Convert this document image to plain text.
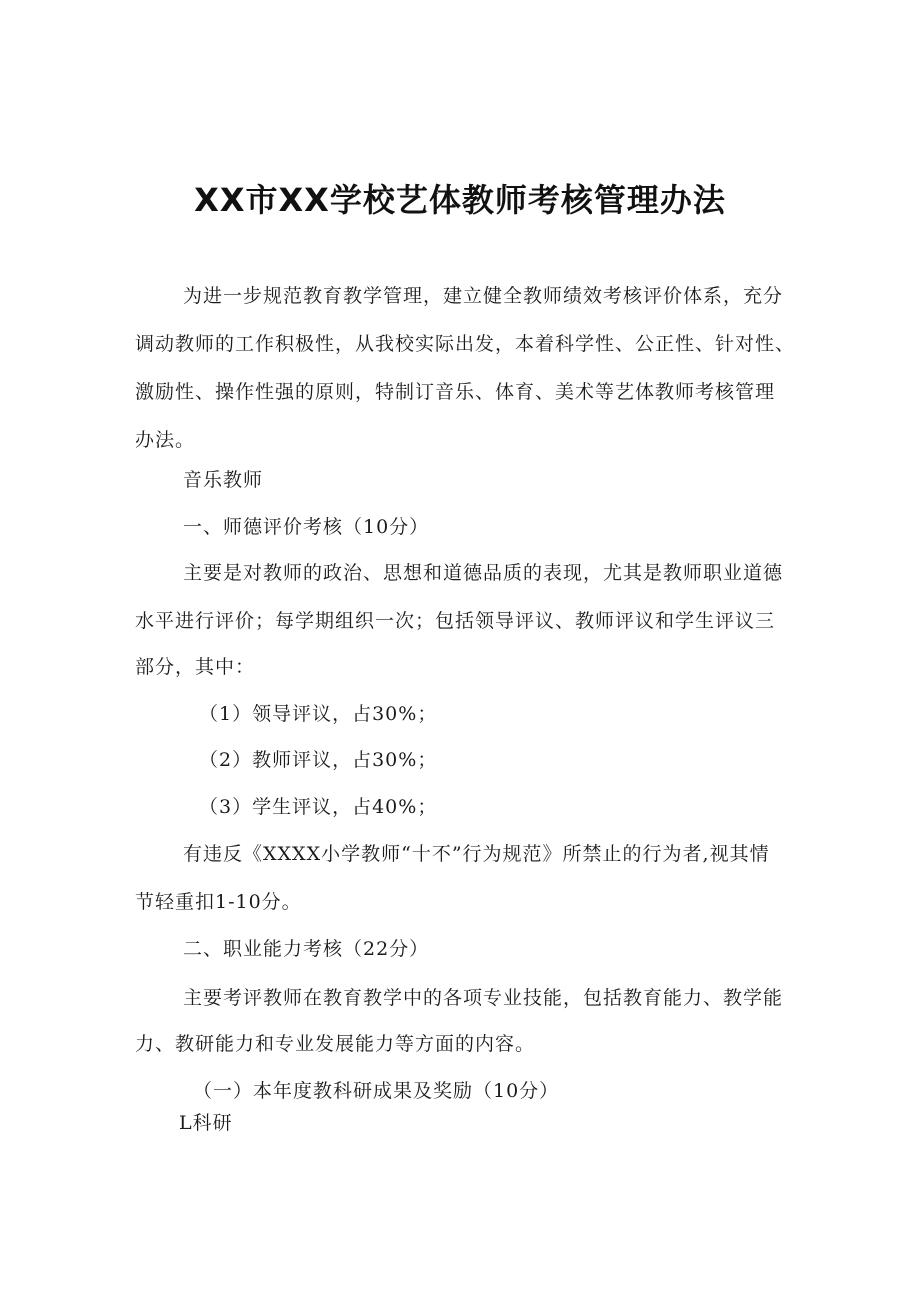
XX市XX学校艺体教师考核管理办法
为进一步规范教育教学管理，建立健全教师绩效考核评价体系，充分
调动教师的工作积极性，从我校实际出发，本着科学性、公正性、针对性、
激励性、操作性强的原则，特制订音乐、体育、美术等艺体教师考核管理
办法。
音乐教师
一、师德评价考核（10分）
主要是对教师的政治、思想和道德品质的表现，尤其是教师职业道德
水平进行评价；每学期组织一次；包括领导评议、教师评议和学生评议三
部分，其中：
（1）领导评议，占30%；
（2）教师评议，占30%；
（3）学生评议，占40%；
有违反《XXXX小学教师“十不”行为规范》所禁止的行为者,视其情
节轻重扣1-10分。
二、职业能力考核（22分）
主要考评教师在教育教学中的各项专业技能，包括教育能力、教学能
力、教研能力和专业发展能力等方面的内容。
（一）本年度教科研成果及奖励（10分）
L科研
